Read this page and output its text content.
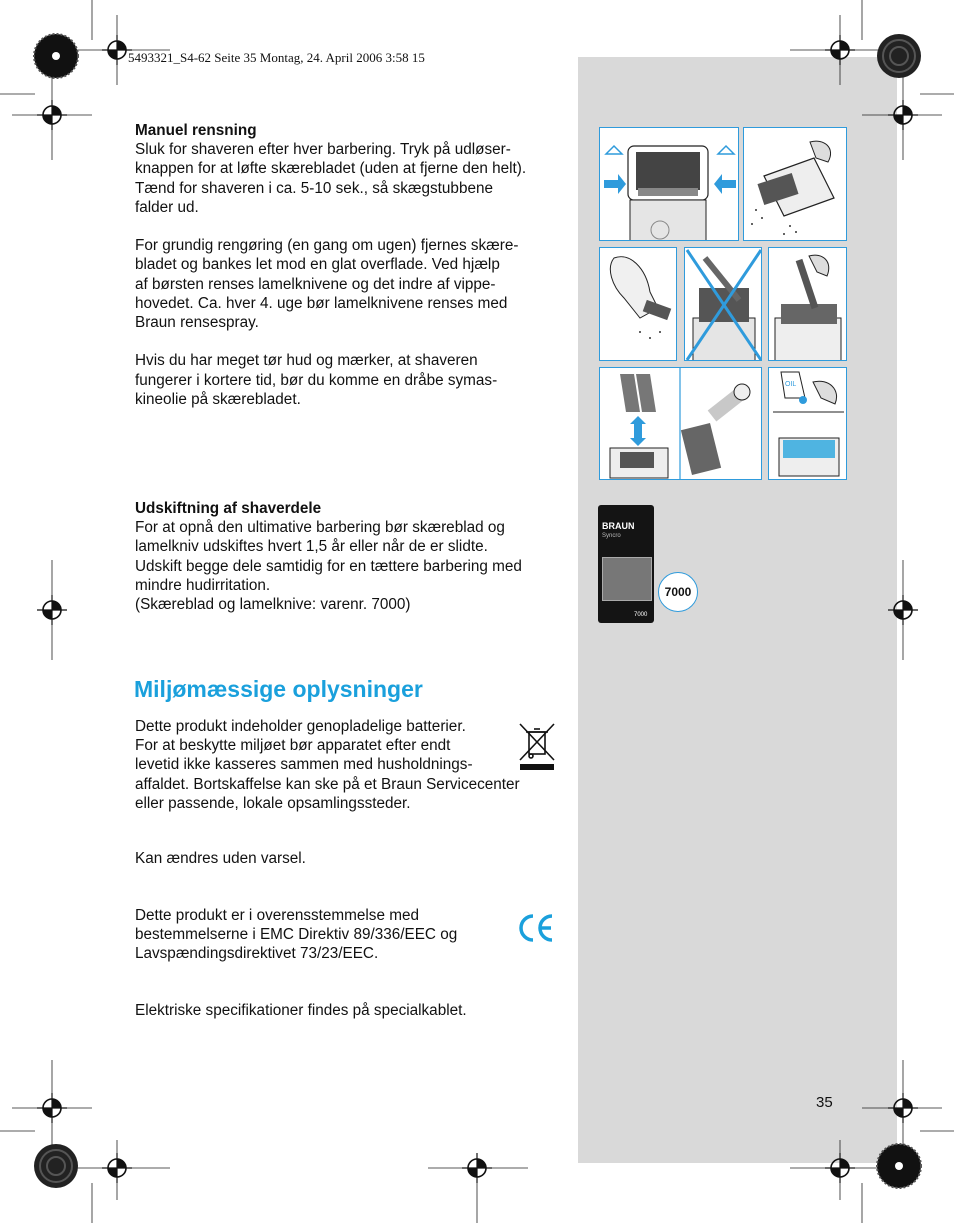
5493321_S4-62 Seite 35 Montag, 24. April 2006 3:58 15

Manuel rensning

Sluk for shaveren efter hver barbering. Tryk på udløser-

knappen for at løfte skærebladet (uden at fjerne den helt).

Tænd for shaveren i ca. 5-10 sek., så skægstubbene

falder ud.

For grundig rengøring (en gang om ugen) fjernes skære-

bladet og bankes let mod en glat overflade. Ved hjælp

af børsten renses lamelknivene og det indre af vippe-

hovedet. Ca. hver 4. uge bør lamelknivene renses med

Braun rensespray.

Hvis du har meget tør hud og mærker, at shaveren

fungerer i kortere tid, bør du komme en dråbe symas-

kineolie på skærebladet.

Udskiftning af shaverdele

For at opnå den ultimative barbering bør skæreblad og

lamelkniv udskiftes hvert 1,5 år eller når de er slidte.

Udskift begge dele samtidig for en tættere barbering med

mindre hudirritation.

(Skæreblad og lamelknive: varenr. 7000)

Miljømæssige oplysninger

Dette produkt indeholder genopladelige batterier.

For at beskytte miljøet bør apparatet efter endt

levetid ikke kasseres sammen med husholdnings-

affaldet. Bortskaffelse kan ske på et Braun Servicecenter

eller passende, lokale opsamlingssteder.

Kan ændres uden varsel.

Dette produkt er i overensstemmelse med

bestemmelserne i EMC Direktiv 89/336/EEC og

Lavspændingsdirektivet 73/23/EEC.

Elektriske specifikationer findes på specialkablet.

OIL
BRAUN
Syncro
7000
7000
35
